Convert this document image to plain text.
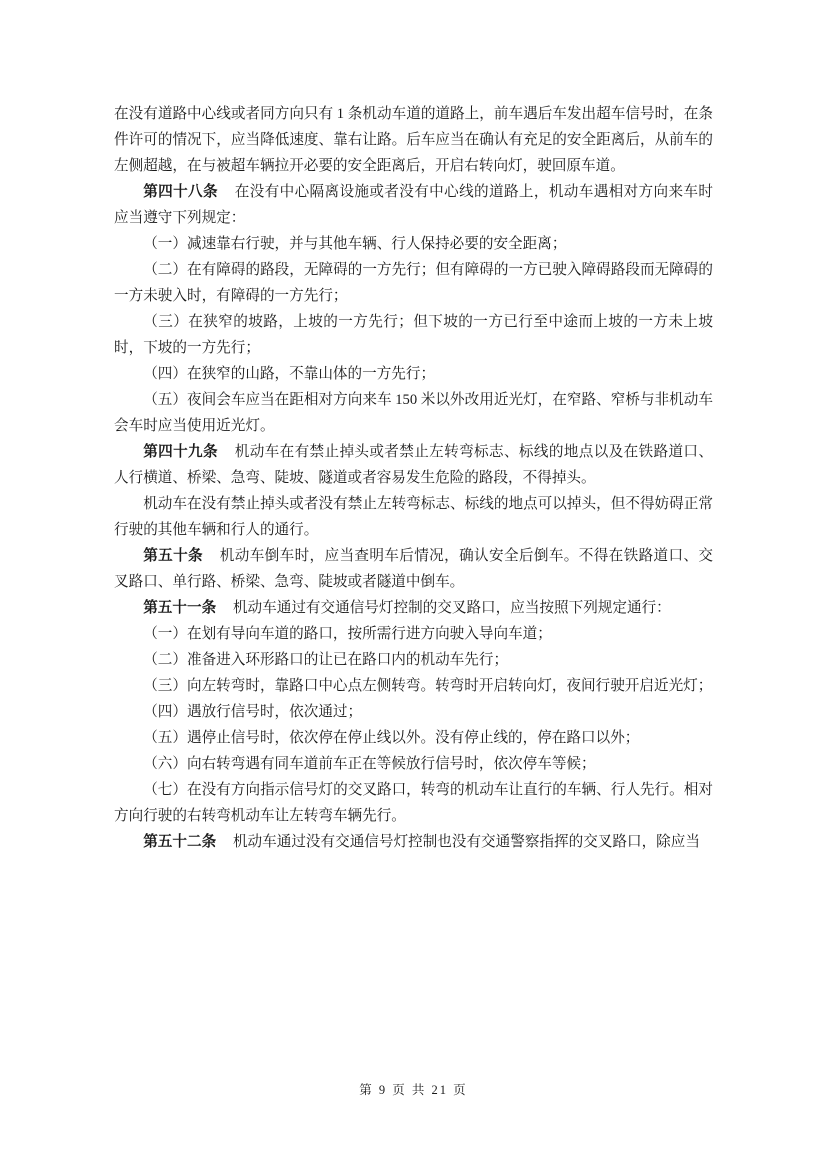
在没有道路中心线或者同方向只有 1 条机动车道的道路上，前车遇后车发出超车信号时，在条件许可的情况下，应当降低速度、靠右让路。后车应当在确认有充足的安全距离后，从前车的左侧超越，在与被超车辆拉开必要的安全距离后，开启右转向灯，驶回原车道。

第四十八条 在没有中心隔离设施或者没有中心线的道路上，机动车遇相对方向来车时应当遵守下列规定：

（一）减速靠右行驶，并与其他车辆、行人保持必要的安全距离；

（二）在有障碍的路段，无障碍的一方先行；但有障碍的一方已驶入障碍路段而无障碍的一方未驶入时，有障碍的一方先行；

（三）在狭窄的坡路，上坡的一方先行；但下坡的一方已行至中途而上坡的一方未上坡时，下坡的一方先行；

（四）在狭窄的山路，不靠山体的一方先行；

（五）夜间会车应当在距相对方向来车 150 米以外改用近光灯，在窄路、窄桥与非机动车会车时应当使用近光灯。

第四十九条 机动车在有禁止掉头或者禁止左转弯标志、标线的地点以及在铁路道口、人行横道、桥梁、急弯、陡坡、隧道或者容易发生危险的路段，不得掉头。

机动车在没有禁止掉头或者没有禁止左转弯标志、标线的地点可以掉头，但不得妨碍正常行驶的其他车辆和行人的通行。

第五十条 机动车倒车时，应当查明车后情况，确认安全后倒车。不得在铁路道口、交叉路口、单行路、桥梁、急弯、陡坡或者隧道中倒车。

第五十一条 机动车通过有交通信号灯控制的交叉路口，应当按照下列规定通行：

（一）在划有导向车道的路口，按所需行进方向驶入导向车道；

（二）准备进入环形路口的让已在路口内的机动车先行；

（三）向左转弯时，靠路口中心点左侧转弯。转弯时开启转向灯，夜间行驶开启近光灯；

（四）遇放行信号时，依次通过；

（五）遇停止信号时，依次停在停止线以外。没有停止线的，停在路口以外；

（六）向右转弯遇有同车道前车正在等候放行信号时，依次停车等候；

（七）在没有方向指示信号灯的交叉路口，转弯的机动车让直行的车辆、行人先行。相对方向行驶的右转弯机动车让左转弯车辆先行。

第五十二条 机动车通过没有交通信号灯控制也没有交通警察指挥的交叉路口，除应当

第 9 页 共 21 页
